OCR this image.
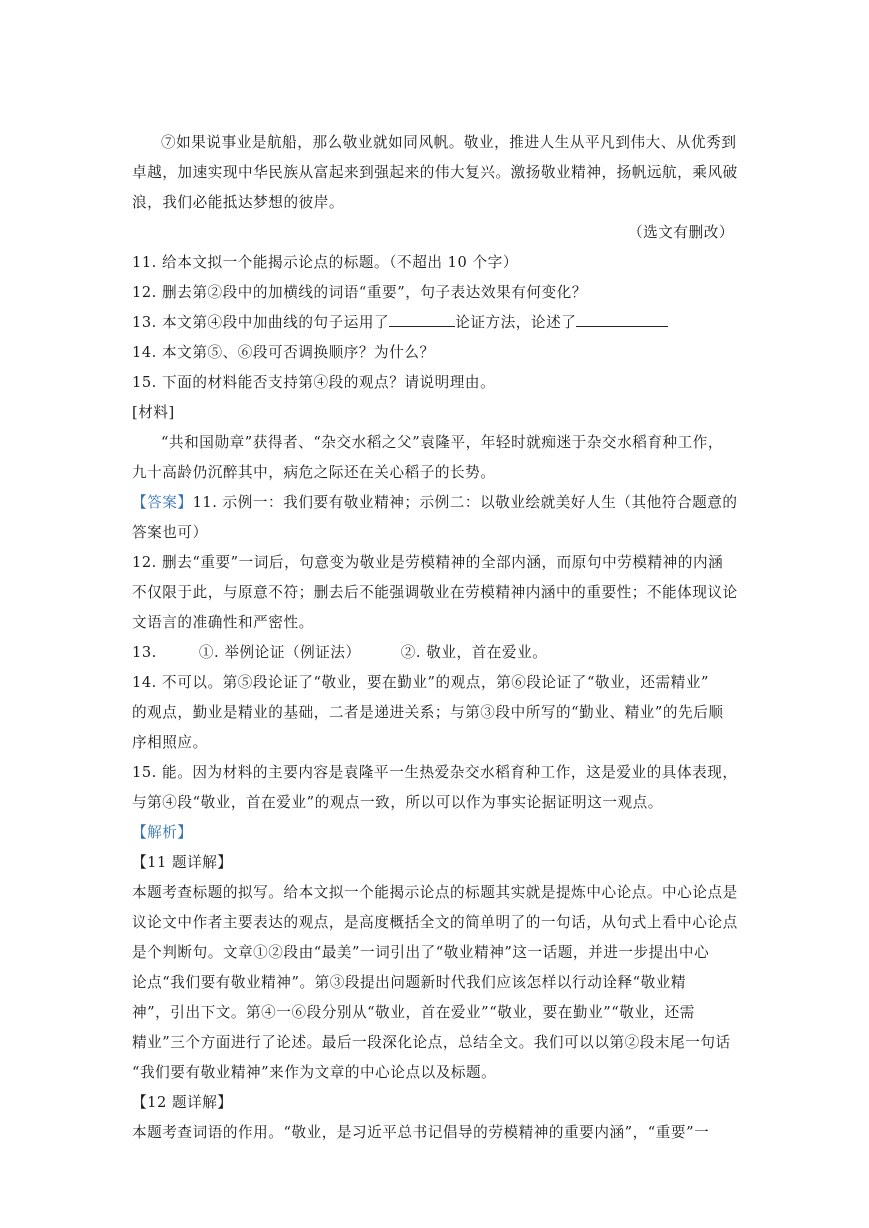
⑦如果说事业是航船，那么敬业就如同风帆。敬业，推进人生从平凡到伟大、从优秀到
卓越，加速实现中华民族从富起来到强起来的伟大复兴。激扬敬业精神，扬帆远航，乘风破
浪，我们必能抵达梦想的彼岸。
（选文有删改）
11. 给本文拟一个能揭示论点的标题。（不超出 10 个字）
12. 删去第②段中的加横线的词语“重要”，句子表达效果有何变化？
13. 本文第④段中加曲线的句子运用了	论证方法，论述了
14. 本文第⑤、⑥段可否调换顺序？为什么？
15. 下面的材料能否支持第④段的观点？请说明理由。
[材料]
“共和国勋章”获得者、“杂交水稻之父”袁隆平，年轻时就痴迷于杂交水稻育种工作，
九十高龄仍沉醉其中，病危之际还在关心稻子的长势。
【答案】11. 示例一：我们要有敬业精神；示例二：以敬业绘就美好人生（其他符合题意的
答案也可）
12. 删去“重要”一词后，句意变为敬业是劳模精神的全部内涵，而原句中劳模精神的内涵
不仅限于此，与原意不符；删去后不能强调敬业在劳模精神内涵中的重要性；不能体现议论
文语言的准确性和严密性。
13.	①. 举例论证（例证法）	②. 敬业，首在爱业。
14. 不可以。第⑤段论证了“敬业，要在勤业”的观点，第⑥段论证了“敬业，还需精业”
的观点，勤业是精业的基础，二者是递进关系；与第③段中所写的“勤业、精业”的先后顺
序相照应。
15. 能。因为材料的主要内容是袁隆平一生热爱杂交水稻育种工作，这是爱业的具体表现，
与第④段“敬业，首在爱业”的观点一致，所以可以作为事实论据证明这一观点。
【解析】
【11 题详解】
本题考查标题的拟写。给本文拟一个能揭示论点的标题其实就是提炼中心论点。中心论点是
议论文中作者主要表达的观点，是高度概括全文的简单明了的一句话，从句式上看中心论点
是个判断句。文章①②段由“最美”一词引出了“敬业精神”这一话题，并进一步提出中心
论点“我们要有敬业精神”。第③段提出问题新时代我们应该怎样以行动诠释“敬业精
神”，引出下文。第④一⑥段分别从“敬业，首在爱业”“敬业，要在勤业”“敬业，还需
精业”三个方面进行了论述。最后一段深化论点，总结全文。我们可以以第②段末尾一句话
“我们要有敬业精神”来作为文章的中心论点以及标题。
【12 题详解】
本题考查词语的作用。“敬业，是习近平总书记倡导的劳模精神的重要内涵”，“重要”一
